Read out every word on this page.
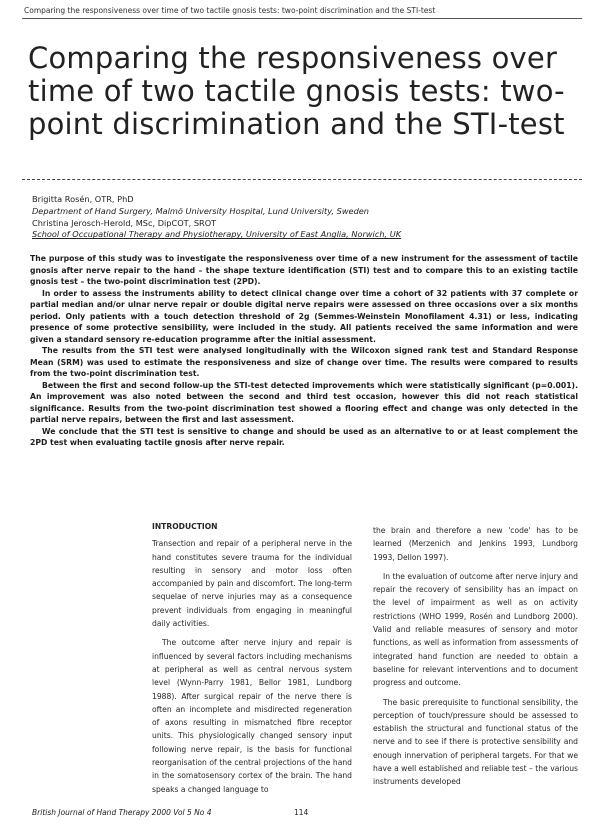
Comparing the responsiveness over time of two tactile gnosis tests: two-point discrimination and the STI-test
Comparing the responsiveness over
time of two tactile gnosis tests: two-
point discrimination and the STI-test
Brigitta Rosén, OTR, PhD
Department of Hand Surgery, Malmö University Hospital, Lund University, Sweden
Christina Jerosch-Herold, MSc, DipCOT, SROT
School of Occupational Therapy and Physiotherapy, University of East Anglia, Norwich, UK

The purpose of this study was to investigate the responsiveness over time of a new instrument for the assessment of tactile gnosis after nerve repair to the hand – the shape texture identification (STI) test and to compare this to an existing tactile gnosis test – the two-point discrimination test (2PD).

In order to assess the instruments ability to detect clinical change over time a cohort of 32 patients with 37 complete or partial median and/or ulnar nerve repair or double digital nerve repairs were assessed on three occasions over a six months period. Only patients with a touch detection threshold of 2g (Semmes-Weinstein Monofilament 4.31) or less, indicating presence of some protective sensibility, were included in the study. All patients received the same information and were given a standard sensory re-education programme after the initial assessment.

The results from the STI test were analysed longitudinally with the Wilcoxon signed rank test and Standard Response Mean (SRM) was used to estimate the responsiveness and size of change over time. The results were compared to results from the two-point discrimination test.

Between the first and second follow-up the STI-test detected improvements which were statistically significant (p=0.001). An improvement was also noted between the second and third test occasion, however this did not reach statistical significance. Results from the two-point discrimination test showed a flooring effect and change was only detected in the partial nerve repairs, between the first and last assessment.

We conclude that the STI test is sensitive to change and should be used as an alternative to or at least complement the 2PD test when evaluating tactile gnosis after nerve repair.

INTRODUCTION

Transection and repair of a peripheral nerve in the hand constitutes severe trauma for the individual resulting in sensory and motor loss often accompanied by pain and discomfort. The long-term sequelae of nerve injuries may as a consequence prevent individuals from engaging in meaningful daily activities.

The outcome after nerve injury and repair is influenced by several factors including mechanisms at peripheral as well as central nervous system level (Wynn-Parry 1981, Bellor 1981, Lundborg 1988). After surgical repair of the nerve there is often an incomplete and misdirected regeneration of axons resulting in mismatched fibre receptor units. This physiologically changed sensory input following nerve repair, is the basis for functional reorganisation of the central projections of the hand in the somatosensory cortex of the brain. The hand speaks a changed language to

the brain and therefore a new 'code' has to be learned (Merzenich and Jenkins 1993, Lundborg 1993, Dellon 1997).

In the evaluation of outcome after nerve injury and repair the recovery of sensibility has an impact on the level of impairment as well as on activity restrictions (WHO 1999, Rosén and Lundborg 2000). Valid and reliable measures of sensory and motor functions, as well as information from assessments of integrated hand function are needed to obtain a baseline for relevant interventions and to document progress and outcome.

The basic prerequisite to functional sensibility, the perception of touch/pressure should be assessed to establish the structural and functional status of the nerve and to see if there is protective sensibility and enough innervation of peripheral targets. For that we have a well established and reliable test – the various instruments developed

British Journal of Hand Therapy 2000 Vol 5 No 4	114
